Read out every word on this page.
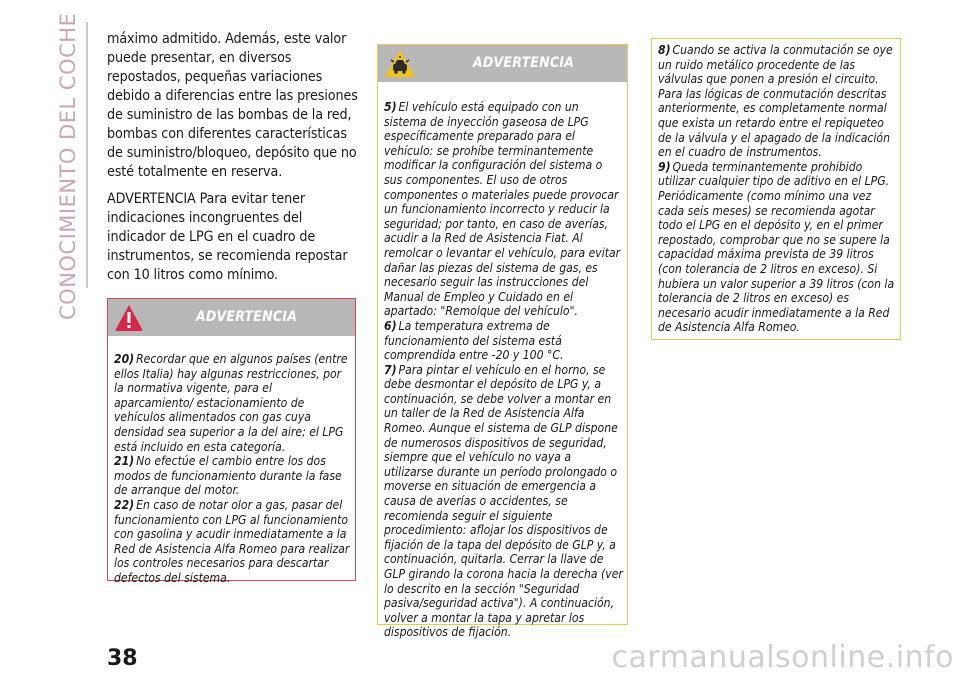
CONOCIMIENTO DEL COCHE máximo admitido. Además, este valor puede presentar, en diversos repostados, pequeñas variaciones debido a diferencias entre las presiones de suministro de las bombas de la red, bombas con diferentes características de suministro/bloqueo, depósito que no esté totalmente en reserva.

ADVERTENCIA Para evitar tener indicaciones incongruentes del indicador de LPG en el cuadro de instrumentos, se recomienda repostar con 10 litros como mínimo.

ADVERTENCIA

20) Recordar que en algunos países (entre ellos Italia) hay algunas restricciones, por la normativa vigente, para el aparcamiento/ estacionamiento de vehículos alimentados con gas cuya densidad sea superior a la del aire; el LPG está incluido en esta categoría.

21) No efectúe el cambio entre los dos modos de funcionamiento durante la fase de arranque del motor.

22) En caso de notar olor a gas, pasar del funcionamiento con LPG al funcionamiento con gasolina y acudir inmediatamente a la Red de Asistencia Alfa Romeo para realizar los controles necesarios para descartar defectos del sistema.

ADVERTENCIA

5) El vehículo está equipado con un sistema de inyección gaseosa de LPG específicamente preparado para el vehículo: se prohíbe terminantemente modificar la configuración del sistema o sus componentes. El uso de otros componentes o materiales puede provocar un funcionamiento incorrecto y reducir la seguridad; por tanto, en caso de averías, acudir a la Red de Asistencia Fiat. Al remolcar o levantar el vehículo, para evitar dañar las piezas del sistema de gas, es necesario seguir las instrucciones del Manual de Empleo y Cuidado en el apartado: "Remolque del vehículo".

6) La temperatura extrema de funcionamiento del sistema está comprendida entre -20 y 100 °C.

7) Para pintar el vehículo en el horno, se debe desmontar el depósito de LPG y, a continuación, se debe volver a montar en un taller de la Red de Asistencia Alfa Romeo. Aunque el sistema de GLP dispone de numerosos dispositivos de seguridad, siempre que el vehículo no vaya a utilizarse durante un período prolongado o moverse en situación de emergencia a causa de averías o accidentes, se recomienda seguir el siguiente procedimiento: aflojar los dispositivos de fijación de la tapa del depósito de GLP y, a continuación, quitarla. Cerrar la llave de GLP girando la corona hacia la derecha (ver lo descrito en la sección "Seguridad pasiva/seguridad activa"). A continuación, volver a montar la tapa y apretar los dispositivos de fijación.

8) Cuando se activa la conmutación se oye un ruido metálico procedente de las válvulas que ponen a presión el circuito. Para las lógicas de conmutación descritas anteriormente, es completamente normal que exista un retardo entre el repiqueteo de la válvula y el apagado de la indicación en el cuadro de instrumentos.

9) Queda terminantemente prohibido utilizar cualquier tipo de aditivo en el LPG. Periódicamente (como mínimo una vez cada seis meses) se recomienda agotar todo el LPG en el depósito y, en el primer repostado, comprobar que no se supere la capacidad máxima prevista de 39 litros (con tolerancia de 2 litros en exceso). Si hubiera un valor superior a 39 litros (con la tolerancia de 2 litros en exceso) es necesario acudir inmediatamente a la Red de Asistencia Alfa Romeo.

38	carmanualsonline.info
